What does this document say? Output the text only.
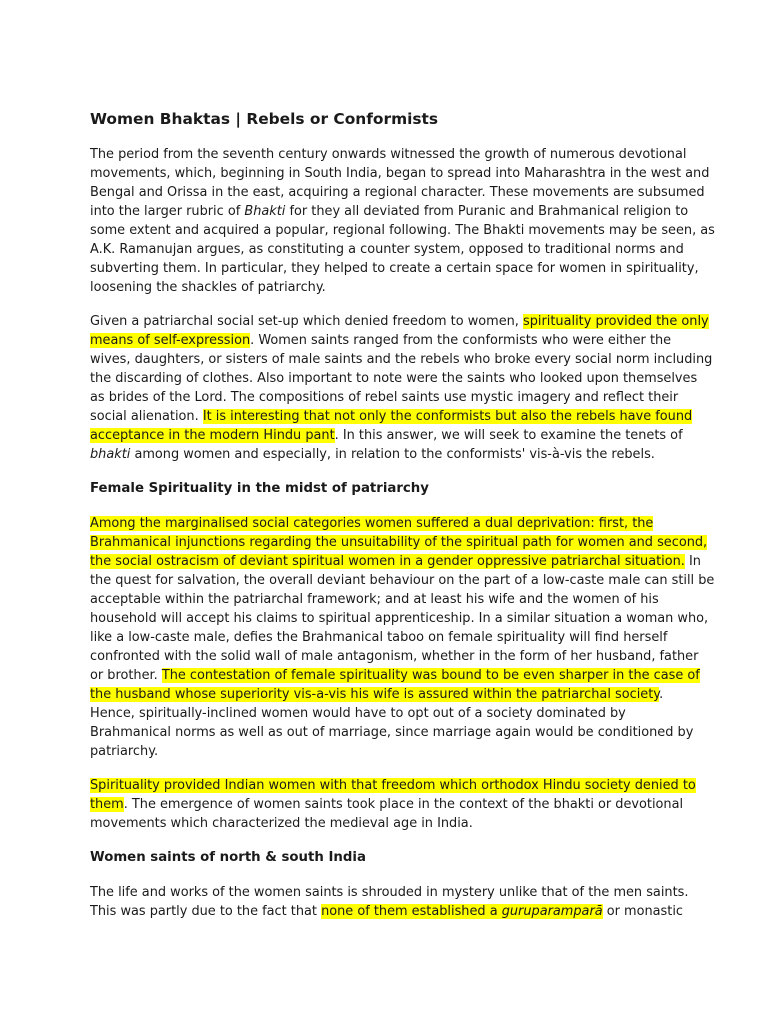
Women Bhaktas | Rebels or Conformists
The period from the seventh century onwards witnessed the growth of numerous devotional
movements, which, beginning in South India, began to spread into Maharashtra in the west and
Bengal and Orissa in the east, acquiring a regional character. These movements are subsumed
into the larger rubric of Bhakti for they all deviated from Puranic and Brahmanical religion to
some extent and acquired a popular, regional following. The Bhakti movements may be seen, as
A.K. Ramanujan argues, as constituting a counter system, opposed to traditional norms and
subverting them. In particular, they helped to create a certain space for women in spirituality,
loosening the shackles of patriarchy.
Given a patriarchal social set-up which denied freedom to women, spirituality provided the only
means of self-expression. Women saints ranged from the conformists who were either the
wives, daughters, or sisters of male saints and the rebels who broke every social norm including
the discarding of clothes. Also important to note were the saints who looked upon themselves
as brides of the Lord. The compositions of rebel saints use mystic imagery and reflect their
social alienation. It is interesting that not only the conformists but also the rebels have found
acceptance in the modern Hindu pant. In this answer, we will seek to examine the tenets of
bhakti among women and especially, in relation to the conformists' vis-à-vis the rebels.
Female Spirituality in the midst of patriarchy
Among the marginalised social categories women suffered a dual deprivation: first, the
Brahmanical injunctions regarding the unsuitability of the spiritual path for women and second,
the social ostracism of deviant spiritual women in a gender oppressive patriarchal situation. In
the quest for salvation, the overall deviant behaviour on the part of a low-caste male can still be
acceptable within the patriarchal framework; and at least his wife and the women of his
household will accept his claims to spiritual apprenticeship. In a similar situation a woman who,
like a low-caste male, defies the Brahmanical taboo on female spirituality will find herself
confronted with the solid wall of male antagonism, whether in the form of her husband, father
or brother. The contestation of female spirituality was bound to be even sharper in the case of
the husband whose superiority vis-a-vis his wife is assured within the patriarchal society.
Hence, spiritually-inclined women would have to opt out of a society dominated by
Brahmanical norms as well as out of marriage, since marriage again would be conditioned by
patriarchy.
Spirituality provided Indian women with that freedom which orthodox Hindu society denied to
them. The emergence of women saints took place in the context of the bhakti or devotional
movements which characterized the medieval age in India.
Women saints of north & south India
The life and works of the women saints is shrouded in mystery unlike that of the men saints.
This was partly due to the fact that none of them established a guruparamparā or monastic
